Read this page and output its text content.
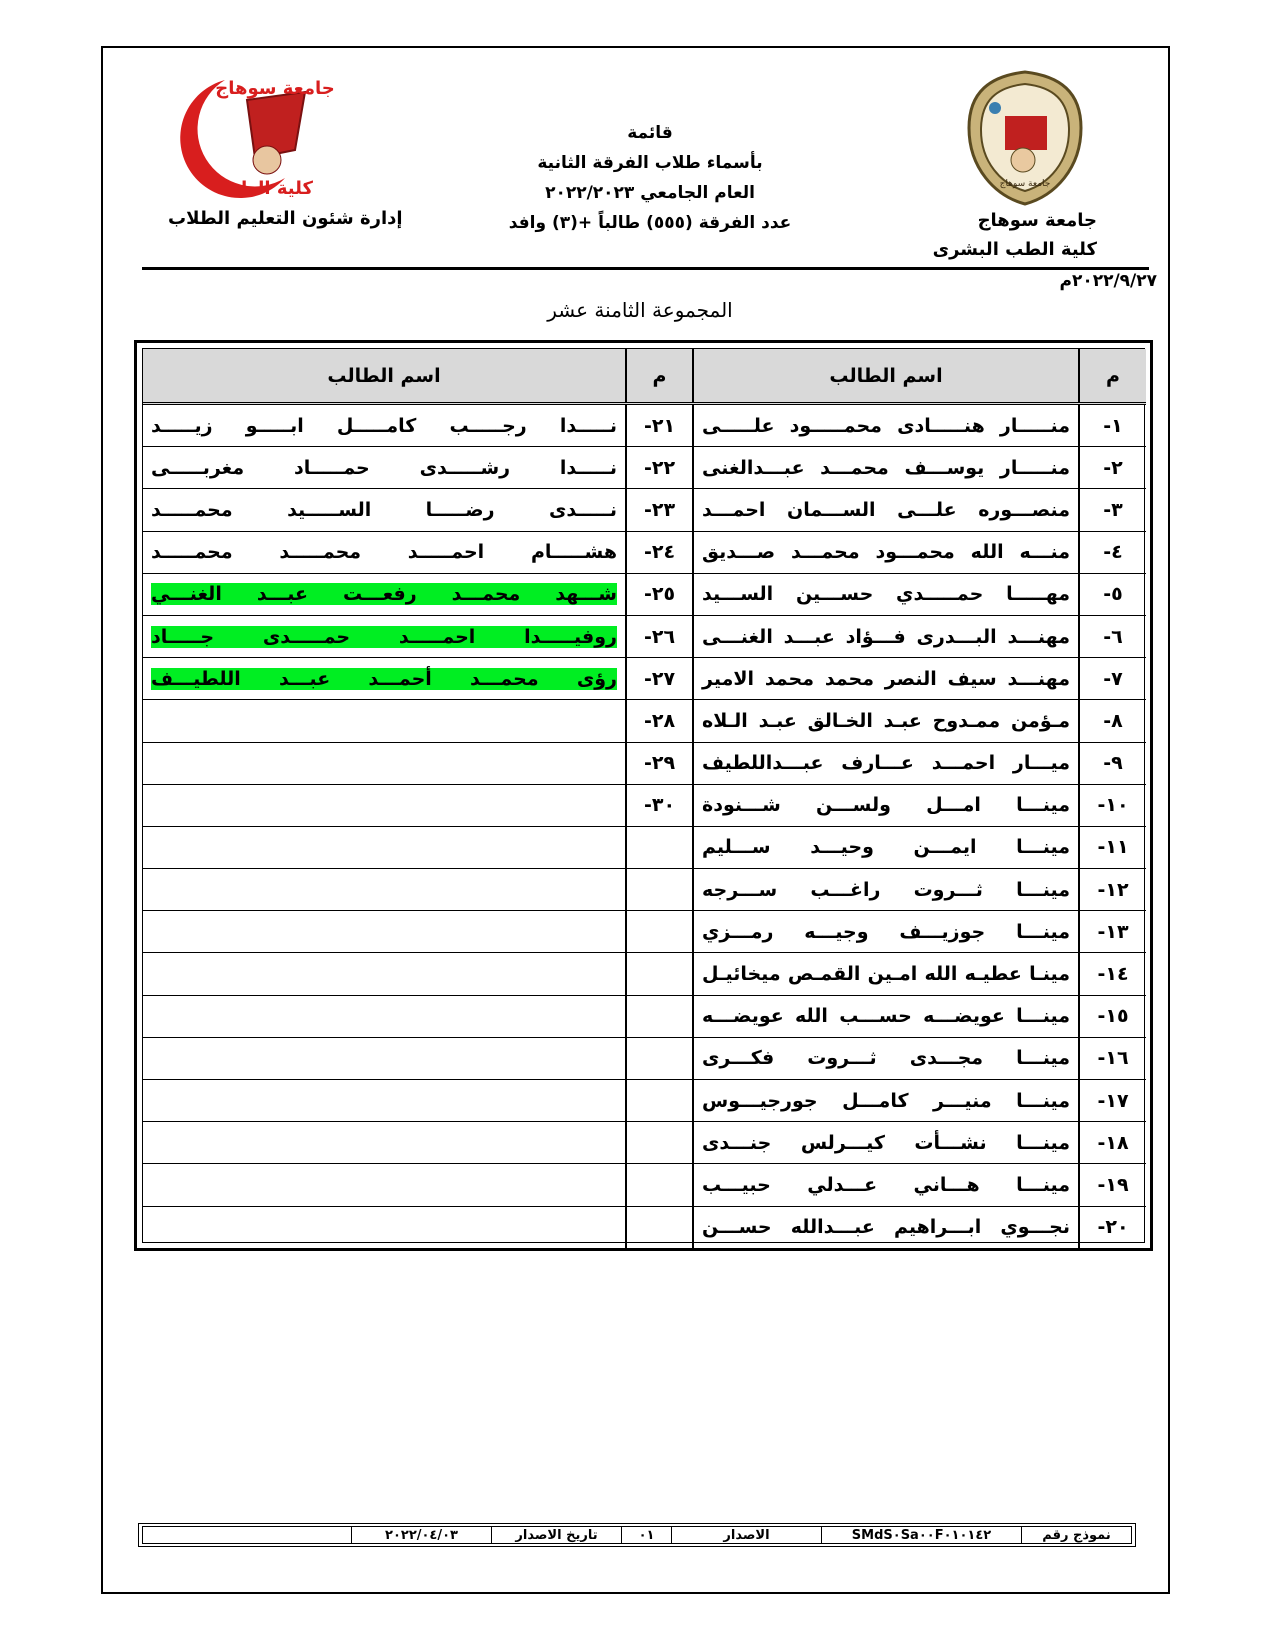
جامعة سوهاج
جامعة سوهاج
كلية الطب
قائمة
بأسماء طلاب الفرقة الثانية
العام الجامعي ٢٠٢٢/٢٠٢٣
عدد الفرقة (٥٥٥) طالباً +(٣) وافد	جامعة سوهاج
كلية الطب البشرى
إدارة شئون التعليم الطلاب
٢٠٢٢/٩/٢٧م
المجموعة الثامنة عشر
م	اسم الطالب	م	اسم الطالب
١-	منـــــار هنـــــادى محمـــــود علـــــى	٢١-	نـــــدا رجـــــب كامـــــل ابـــــو زيـــــد

٢-	منـــــار يوســـف محمـــد عبـــدالغنى	٢٢-	نـــــدا رشـــــدى حمـــــاد مغربـــــى

٣-	منصـــوره علـــى الســـمان احمـــد	٢٣-	نـــــدى رضـــــا الســـــيد محمـــــد

٤-	منـــه الله محمـــود محمـــد صـــديق	٢٤-	هشـــــام احمـــــد محمـــــد محمـــــد

٥-	مهـــــا حمـــــدي حســـين الســـيد	٢٥-	شـــهد محمـــد رفعـــت عبـــد الغنـــي

٦-	مهنـــد البـــدرى فـــؤاد عبـــد الغنـــى	٢٦-	روفيـــــدا احمـــــد حمـــــدى جـــــاد

٧-	مهنـــد سيف النصر محمد محمد الامير	٢٧-	رؤى محمـــد أحمـــد عبـــد اللطيـــف

٨-	مـؤمن ممـدوح عبـد الخـالق عبـد الـلاه	٢٨-	

٩-	ميـــار احمـــد عـــارف عبـــداللطيف	٢٩-	

١٠-	مينـــا امـــل ولســـن شـــنودة	٣٠-	

١١-	مينـــا ايمـــن وحيـــد ســـليم		

١٢-	مينـــا ثـــروت راغـــب ســـرجه		

١٣-	مينـــا جوزيـــف وجيـــه رمـــزي		

١٤-	مينـا عطيـه الله امـين القمـص ميخائيـل		

١٥-	مينـــا عويضـــه حســـب الله عويضـــه		

١٦-	مينـــا مجـــدى ثـــروت فكـــرى		

١٧-	مينـــا منيـــر كامـــل جورجيـــوس		

١٨-	مينـــا نشـــأت كيـــرلس جنـــدى		

١٩-	مينـــا هـــاني عـــدلي حبيـــب		

٢٠-	نجـــوي ابـــراهيم عبـــدالله حســـن		

نموذج رقم
SMdS٠Sa٠٠F٠١٠١٤٢
الاصدار
٠١
تاريخ الاصدار
٢٠٢٢/٠٤/٠٣
